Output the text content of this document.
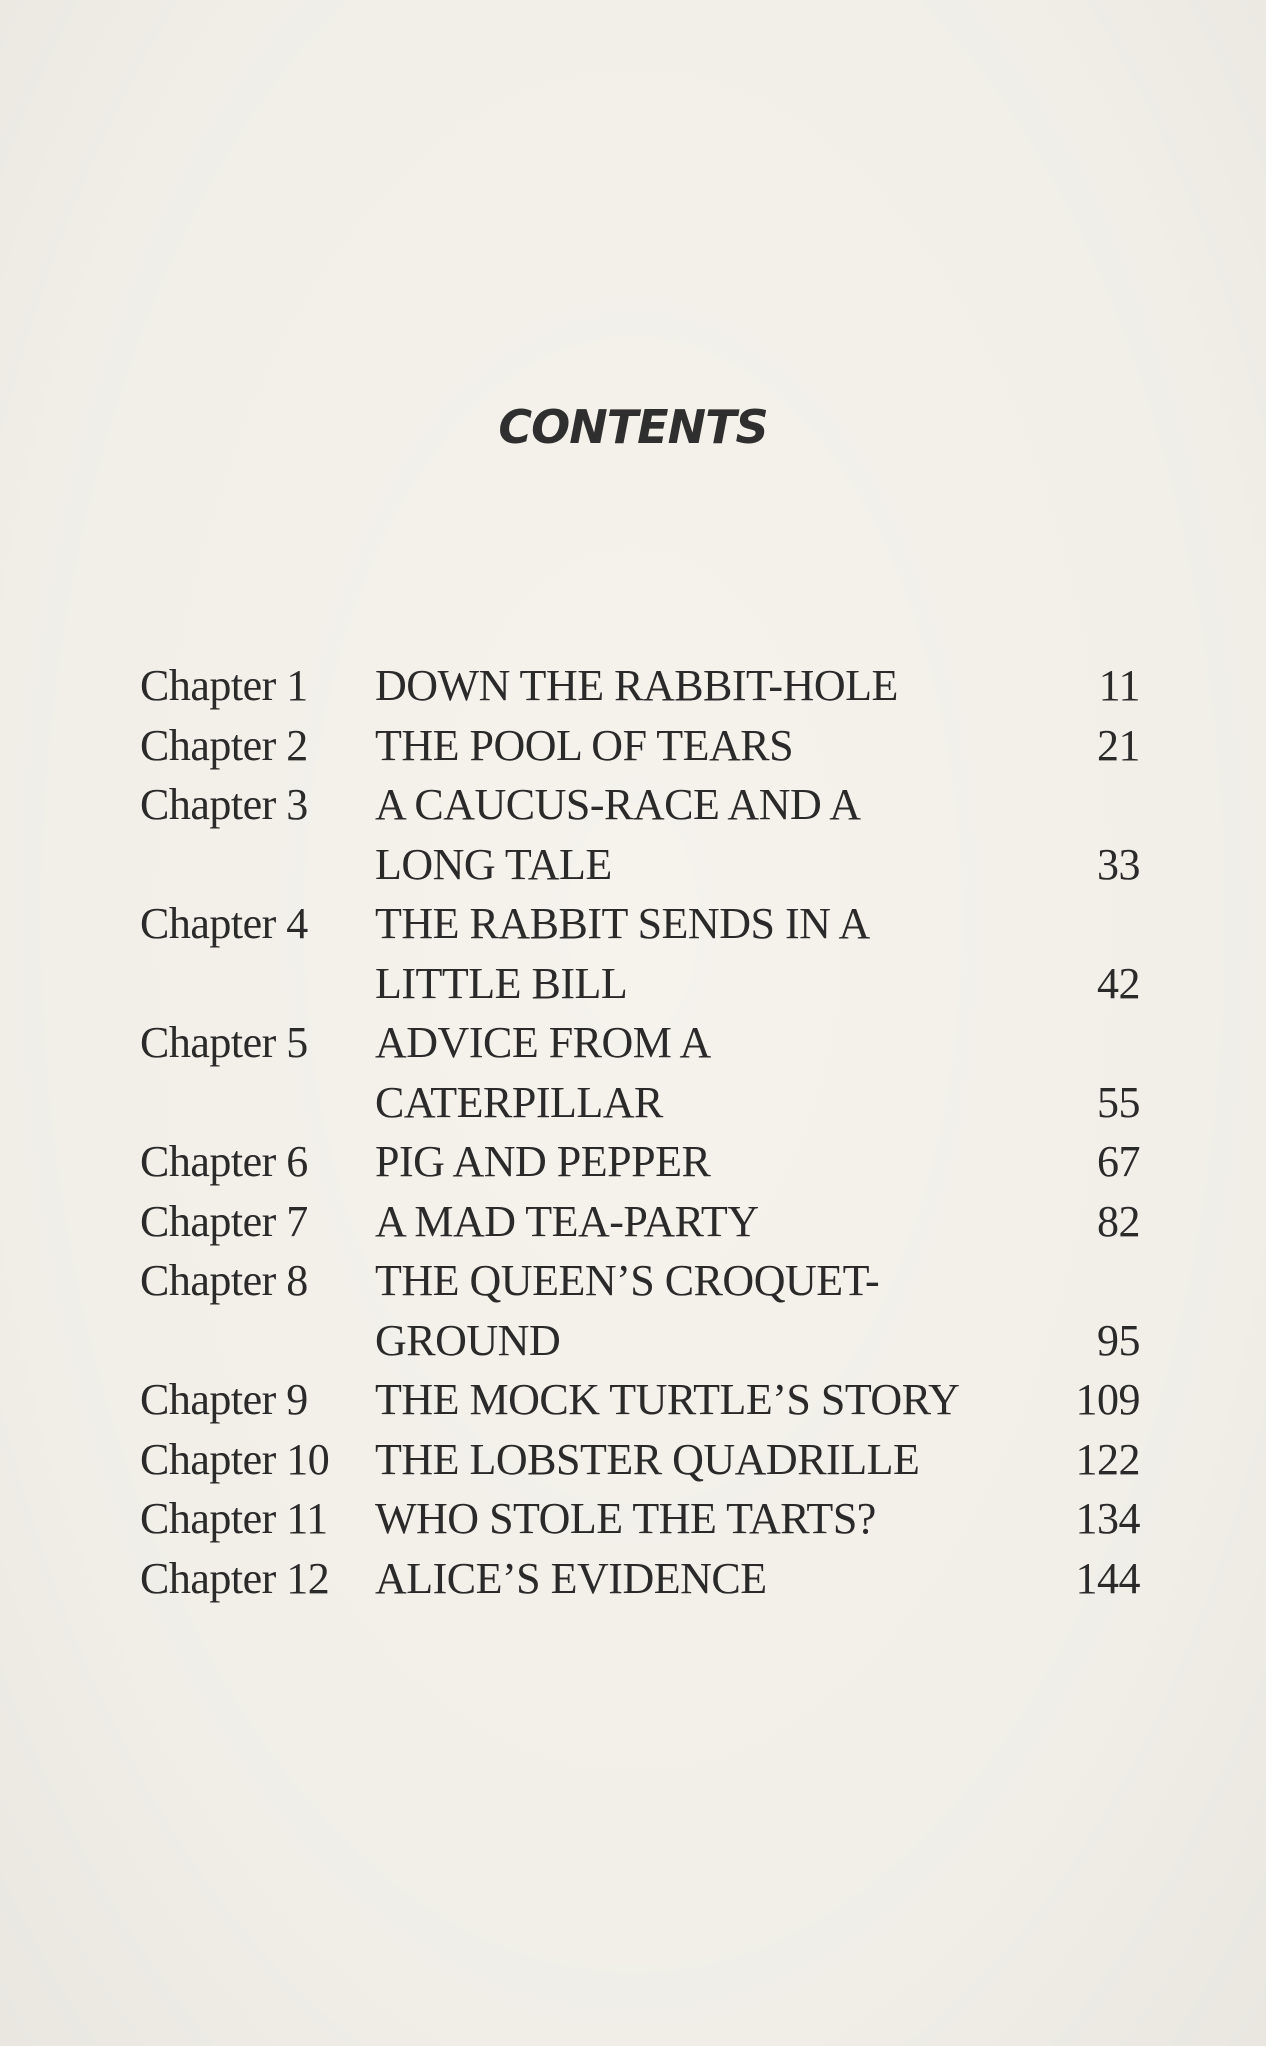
CONTENTS
Chapter 1	DOWN THE RABBIT-HOLE	11
Chapter 2	THE POOL OF TEARS	21
Chapter 3	A CAUCUS-RACE AND A
LONG TALE	33
Chapter 4	THE RABBIT SENDS IN A
LITTLE BILL	42
Chapter 5	ADVICE FROM A
CATERPILLAR	55
Chapter 6	PIG AND PEPPER	67
Chapter 7	A MAD TEA-PARTY	82
Chapter 8	THE QUEEN’S CROQUET-
GROUND	95
Chapter 9	THE MOCK TURTLE’S STORY	109
Chapter 10	THE LOBSTER QUADRILLE	122
Chapter 11	WHO STOLE THE TARTS?	134
Chapter 12	ALICE’S EVIDENCE	144
